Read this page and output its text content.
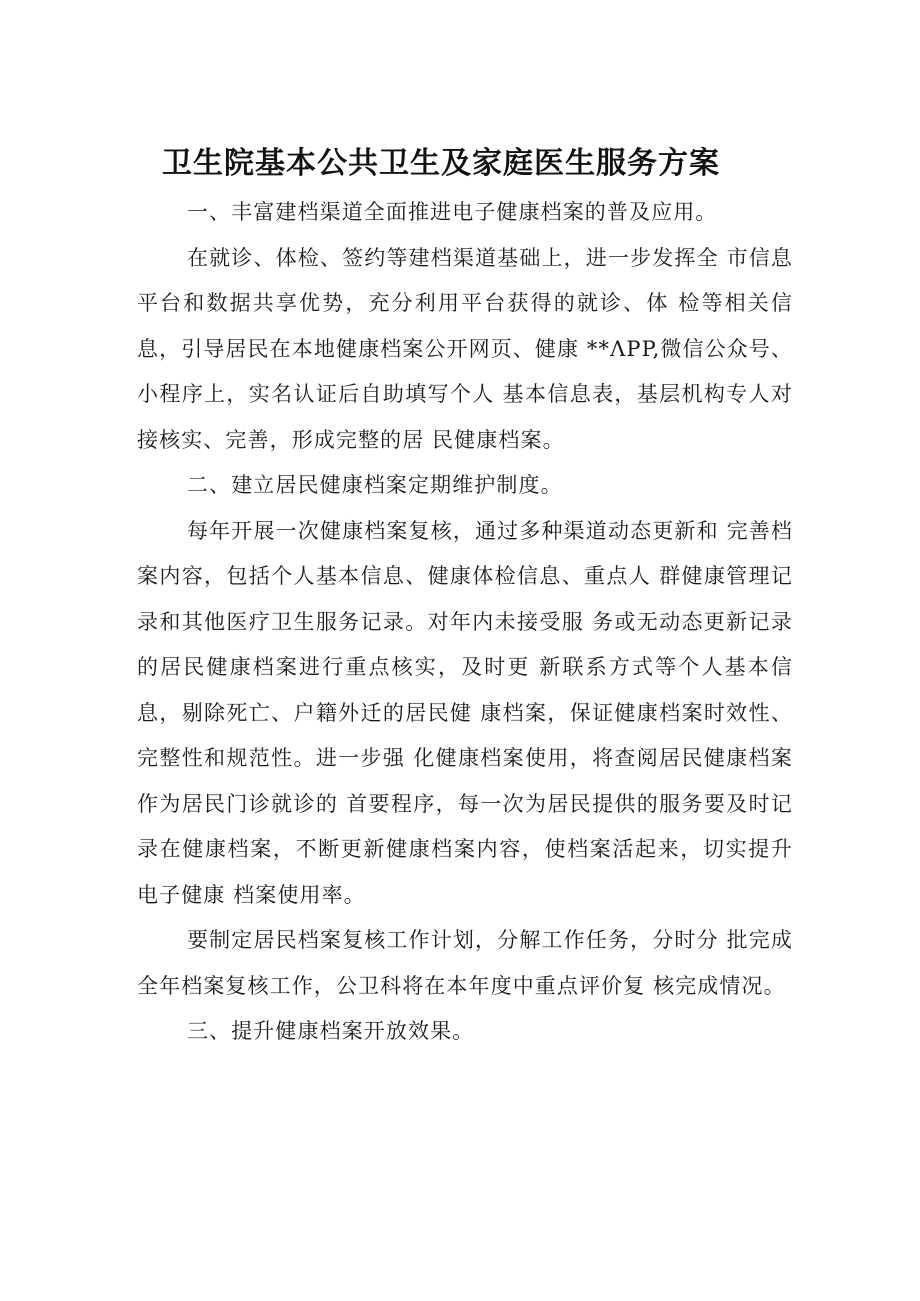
卫生院基本公共卫生及家庭医生服务方案

一、丰富建档渠道全面推进电子健康档案的普及应用。

在就诊、体检、签约等建档渠道基础上，进一步发挥全 市信息平台和数据共享优势，充分利用平台获得的就诊、体 检等相关信息，引导居民在本地健康档案公开网页、健康 **ΛPP,微信公众号、小程序上，实名认证后自助填写个人 基本信息表，基层机构专人对接核实、完善，形成完整的居 民健康档案。

二、建立居民健康档案定期维护制度。

每年开展一次健康档案复核，通过多种渠道动态更新和 完善档案内容，包括个人基本信息、健康体检信息、重点人 群健康管理记录和其他医疗卫生服务记录。对年内未接受服 务或无动态更新记录的居民健康档案进行重点核实，及时更 新联系方式等个人基本信息，剔除死亡、户籍外迁的居民健 康档案，保证健康档案时效性、完整性和规范性。进一步强 化健康档案使用，将查阅居民健康档案作为居民门诊就诊的 首要程序，每一次为居民提供的服务要及时记录在健康档案，不断更新健康档案内容，使档案活起来，切实提升电子健康 档案使用率。

要制定居民档案复核工作计划，分解工作任务，分时分 批完成全年档案复核工作，公卫科将在本年度中重点评价复 核完成情况。

三、提升健康档案开放效果。
